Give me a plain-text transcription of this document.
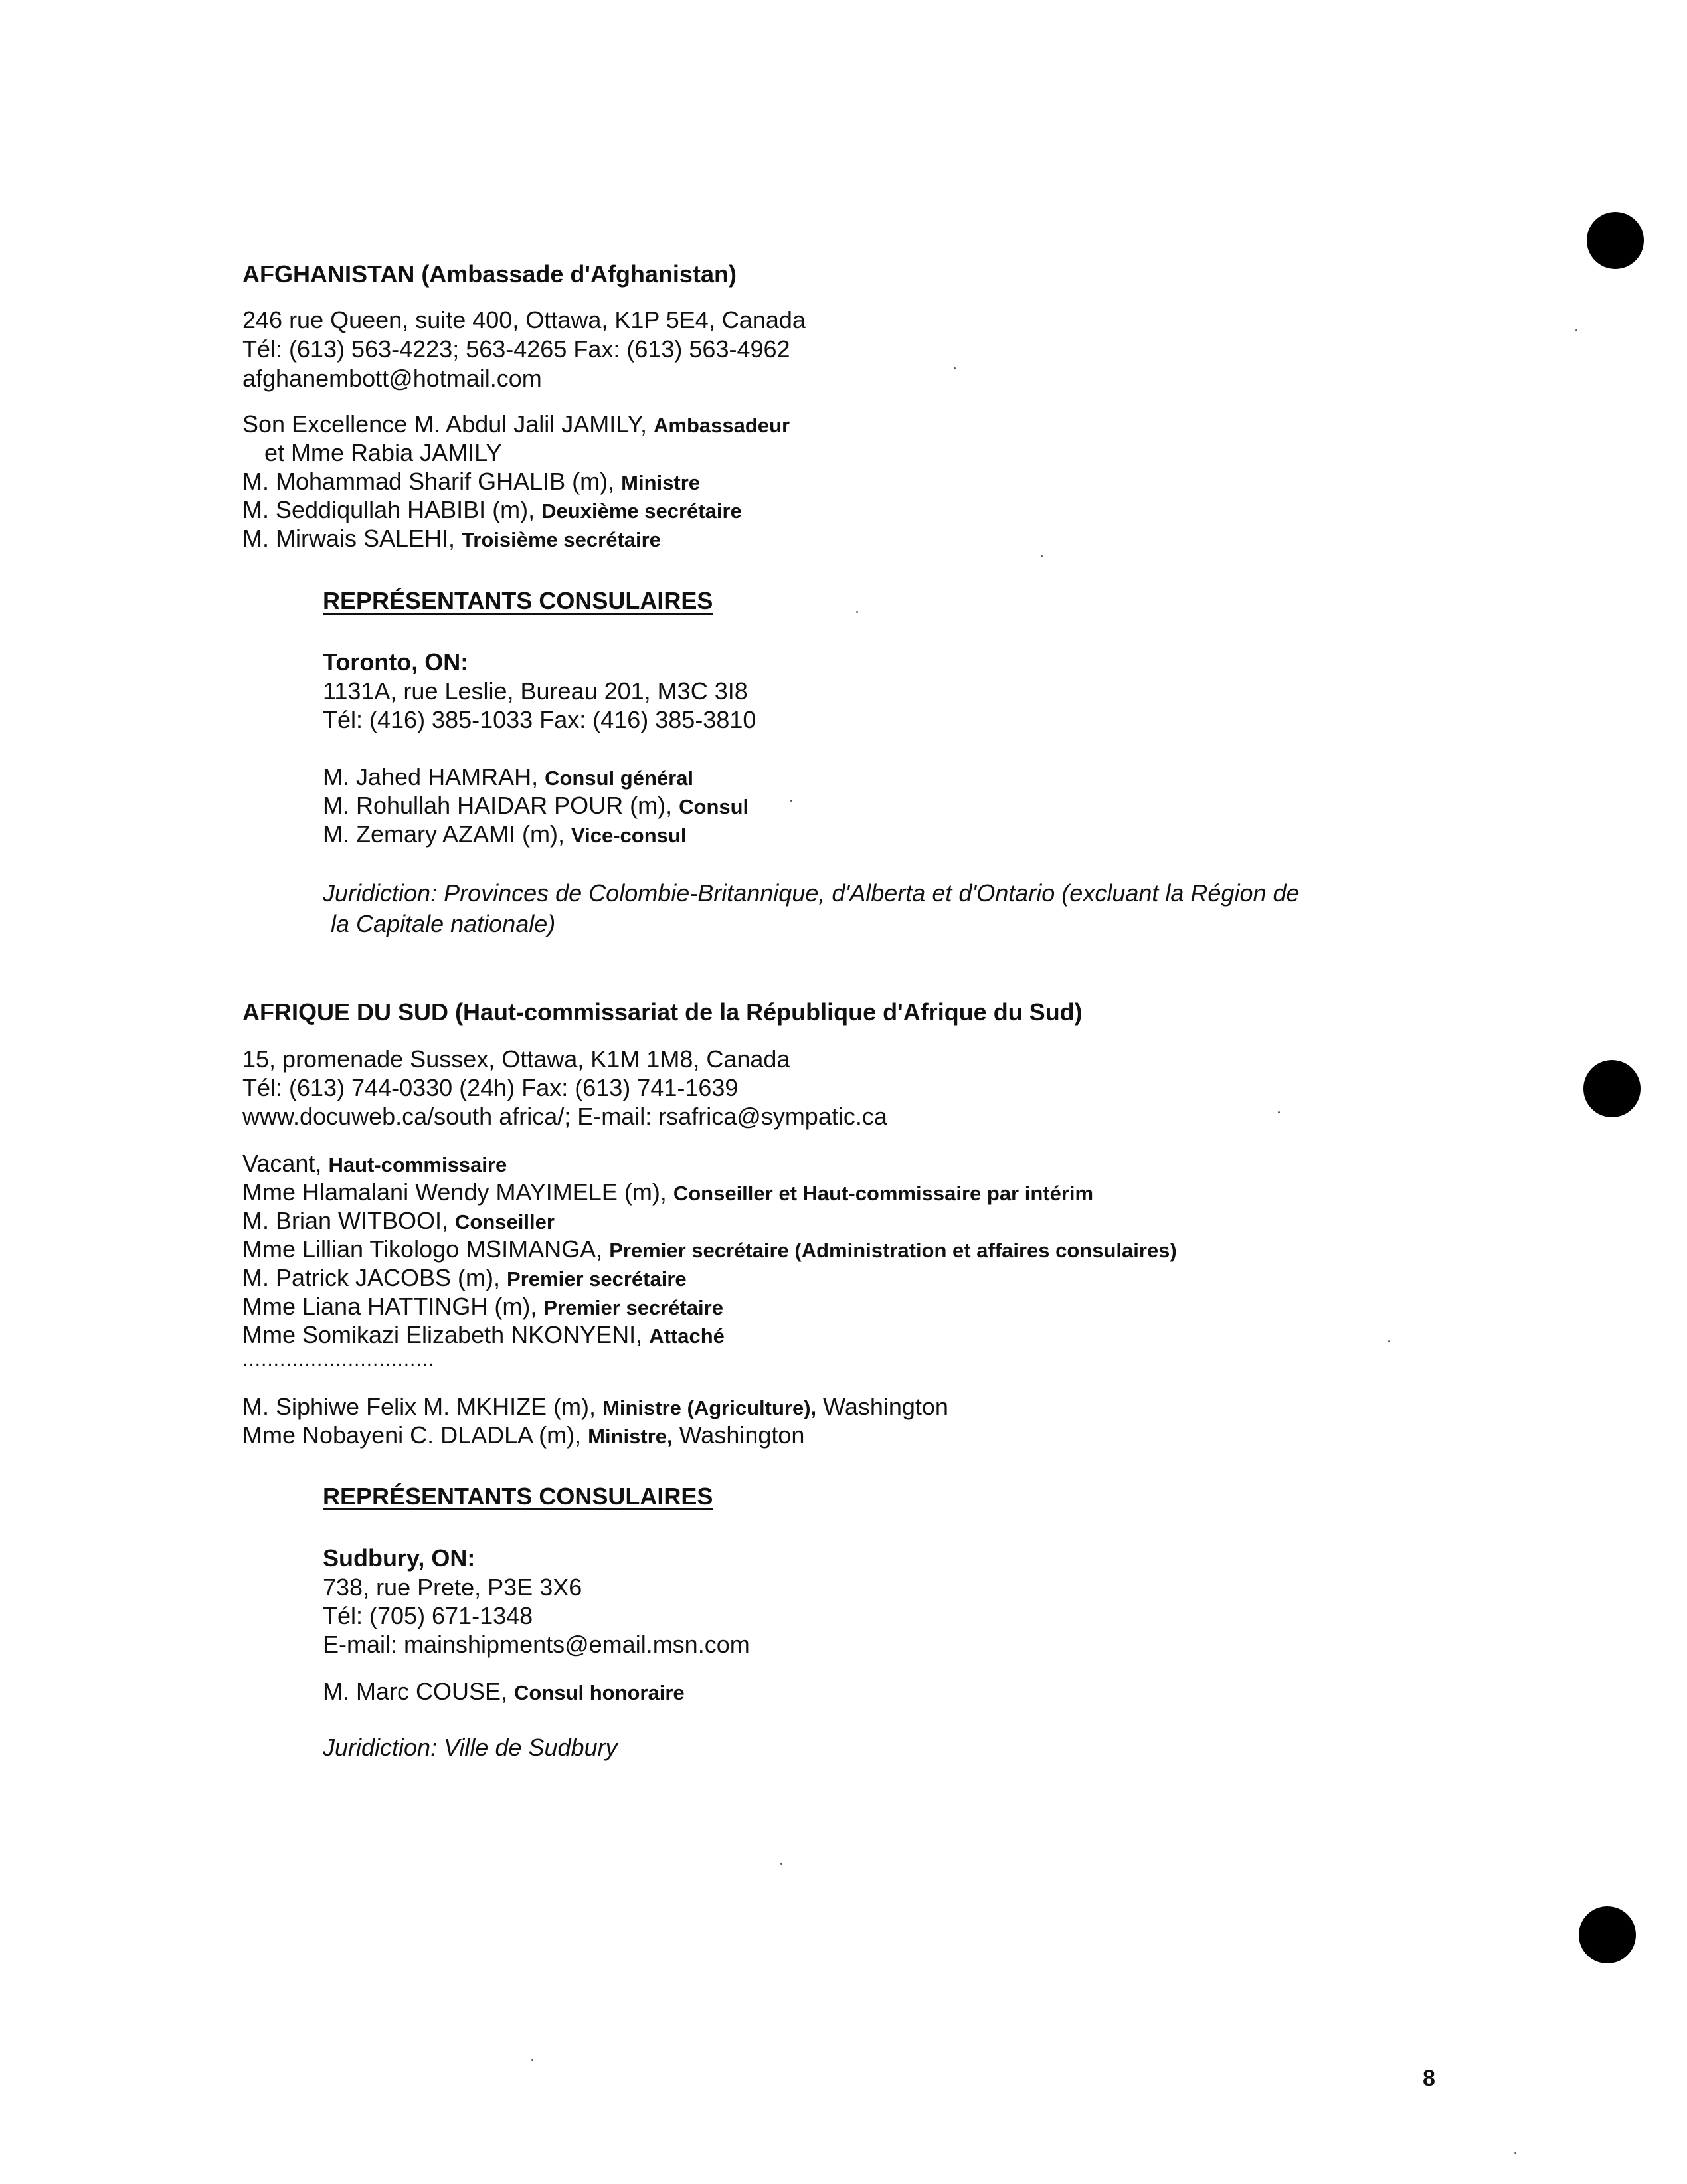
AFGHANISTAN (Ambassade d'Afghanistan)
246 rue Queen, suite 400, Ottawa, K1P 5E4, Canada
Tél: (613) 563-4223; 563-4265 Fax: (613) 563-4962
afghanembott@hotmail.com
Son Excellence M. Abdul Jalil JAMILY, Ambassadeur
et Mme Rabia JAMILY
M. Mohammad Sharif GHALIB (m), Ministre
M. Seddiqullah HABIBI (m), Deuxième secrétaire
M. Mirwais SALEHI, Troisième secrétaire
REPRÉSENTANTS CONSULAIRES
Toronto, ON:
1131A, rue Leslie, Bureau 201, M3C 3I8
Tél: (416) 385-1033 Fax: (416) 385-3810
M. Jahed HAMRAH, Consul général
M. Rohullah HAIDAR POUR (m), Consul
M. Zemary AZAMI (m), Vice-consul
Juridiction: Provinces de Colombie-Britannique, d'Alberta et d'Ontario (excluant la Région de
la Capitale nationale)
AFRIQUE DU SUD (Haut-commissariat de la République d'Afrique du Sud)
15, promenade Sussex, Ottawa, K1M 1M8, Canada
Tél: (613) 744-0330 (24h) Fax: (613) 741-1639
www.docuweb.ca/south africa/; E-mail: rsafrica@sympatic.ca
Vacant, Haut-commissaire
Mme Hlamalani Wendy MAYIMELE (m), Conseiller et Haut-commissaire par intérim
M. Brian WITBOOI, Conseiller
Mme Lillian Tikologo MSIMANGA, Premier secrétaire (Administration et affaires consulaires)
M. Patrick JACOBS (m), Premier secrétaire
Mme Liana HATTINGH (m), Premier secrétaire
Mme Somikazi Elizabeth NKONYENI, Attaché
...............................
M. Siphiwe Felix M. MKHIZE (m), Ministre (Agriculture), Washington
Mme Nobayeni C. DLADLA (m), Ministre, Washington
REPRÉSENTANTS CONSULAIRES
Sudbury, ON:
738, rue Prete, P3E 3X6
Tél: (705) 671-1348
E-mail: mainshipments@email.msn.com
M. Marc COUSE, Consul honoraire
Juridiction: Ville de Sudbury
8
